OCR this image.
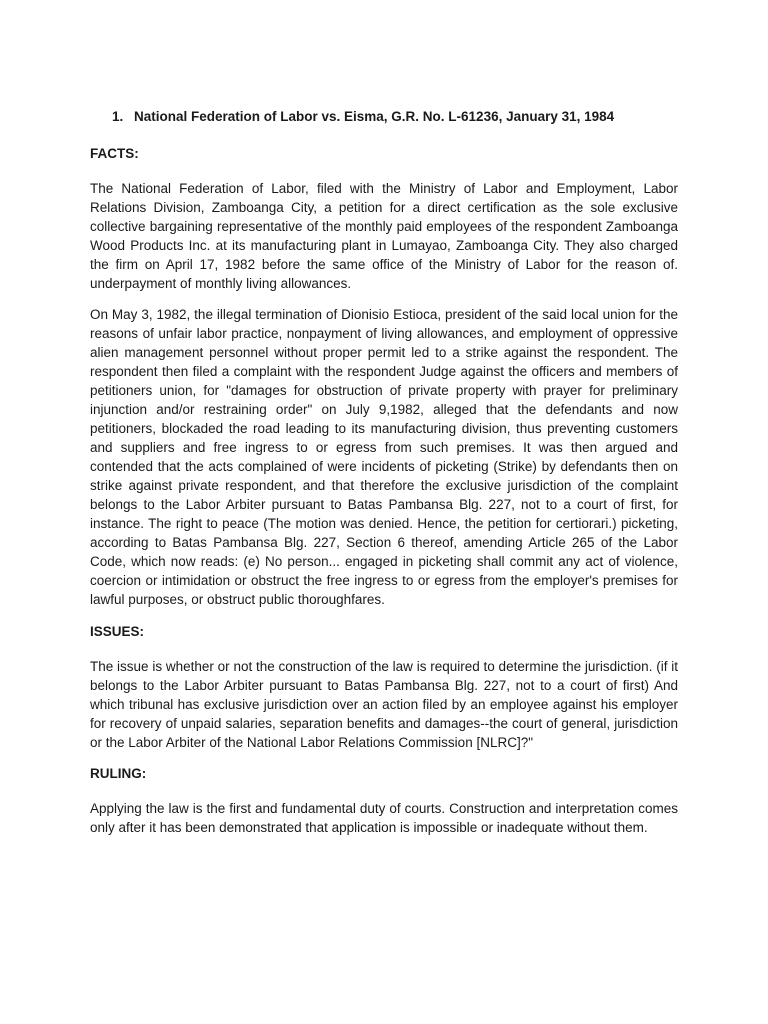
1. National Federation of Labor vs. Eisma, G.R. No. L-61236, January 31, 1984
FACTS:

The National Federation of Labor, filed with the Ministry of Labor and Employment, Labor Relations Division, Zamboanga City, a petition for a direct certification as the sole exclusive collective bargaining representative of the monthly paid employees of the respondent Zamboanga Wood Products Inc. at its manufacturing plant in Lumayao, Zamboanga City. They also charged the firm on April 17, 1982 before the same office of the Ministry of Labor for the reason of. underpayment of monthly living allowances.

On May 3, 1982, the illegal termination of Dionisio Estioca, president of the said local union for the reasons of unfair labor practice, nonpayment of living allowances, and employment of oppressive alien management personnel without proper permit led to a strike against the respondent. The respondent then filed a complaint with the respondent Judge against the officers and members of petitioners union, for "damages for obstruction of private property with prayer for preliminary injunction and/or restraining order" on July 9,1982, alleged that the defendants and now petitioners, blockaded the road leading to its manufacturing division, thus preventing customers and suppliers and free ingress to or egress from such premises. It was then argued and contended that the acts complained of were incidents of picketing (Strike) by defendants then on strike against private respondent, and that therefore the exclusive jurisdiction of the complaint belongs to the Labor Arbiter pursuant to Batas Pambansa Blg. 227, not to a court of first, for instance. The right to peace (The motion was denied. Hence, the petition for certiorari.) picketing, according to Batas Pambansa Blg. 227, Section 6 thereof, amending Article 265 of the Labor Code, which now reads: (e) No person... engaged in picketing shall commit any act of violence, coercion or intimidation or obstruct the free ingress to or egress from the employer's premises for lawful purposes, or obstruct public thoroughfares.

ISSUES:

The issue is whether or not the construction of the law is required to determine the jurisdiction. (if it belongs to the Labor Arbiter pursuant to Batas Pambansa Blg. 227, not to a court of first) And which tribunal has exclusive jurisdiction over an action filed by an employee against his employer for recovery of unpaid salaries, separation benefits and damages--the court of general, jurisdiction or the Labor Arbiter of the National Labor Relations Commission [NLRC]?"

RULING:

Applying the law is the first and fundamental duty of courts. Construction and interpretation comes only after it has been demonstrated that application is impossible or inadequate without them.
